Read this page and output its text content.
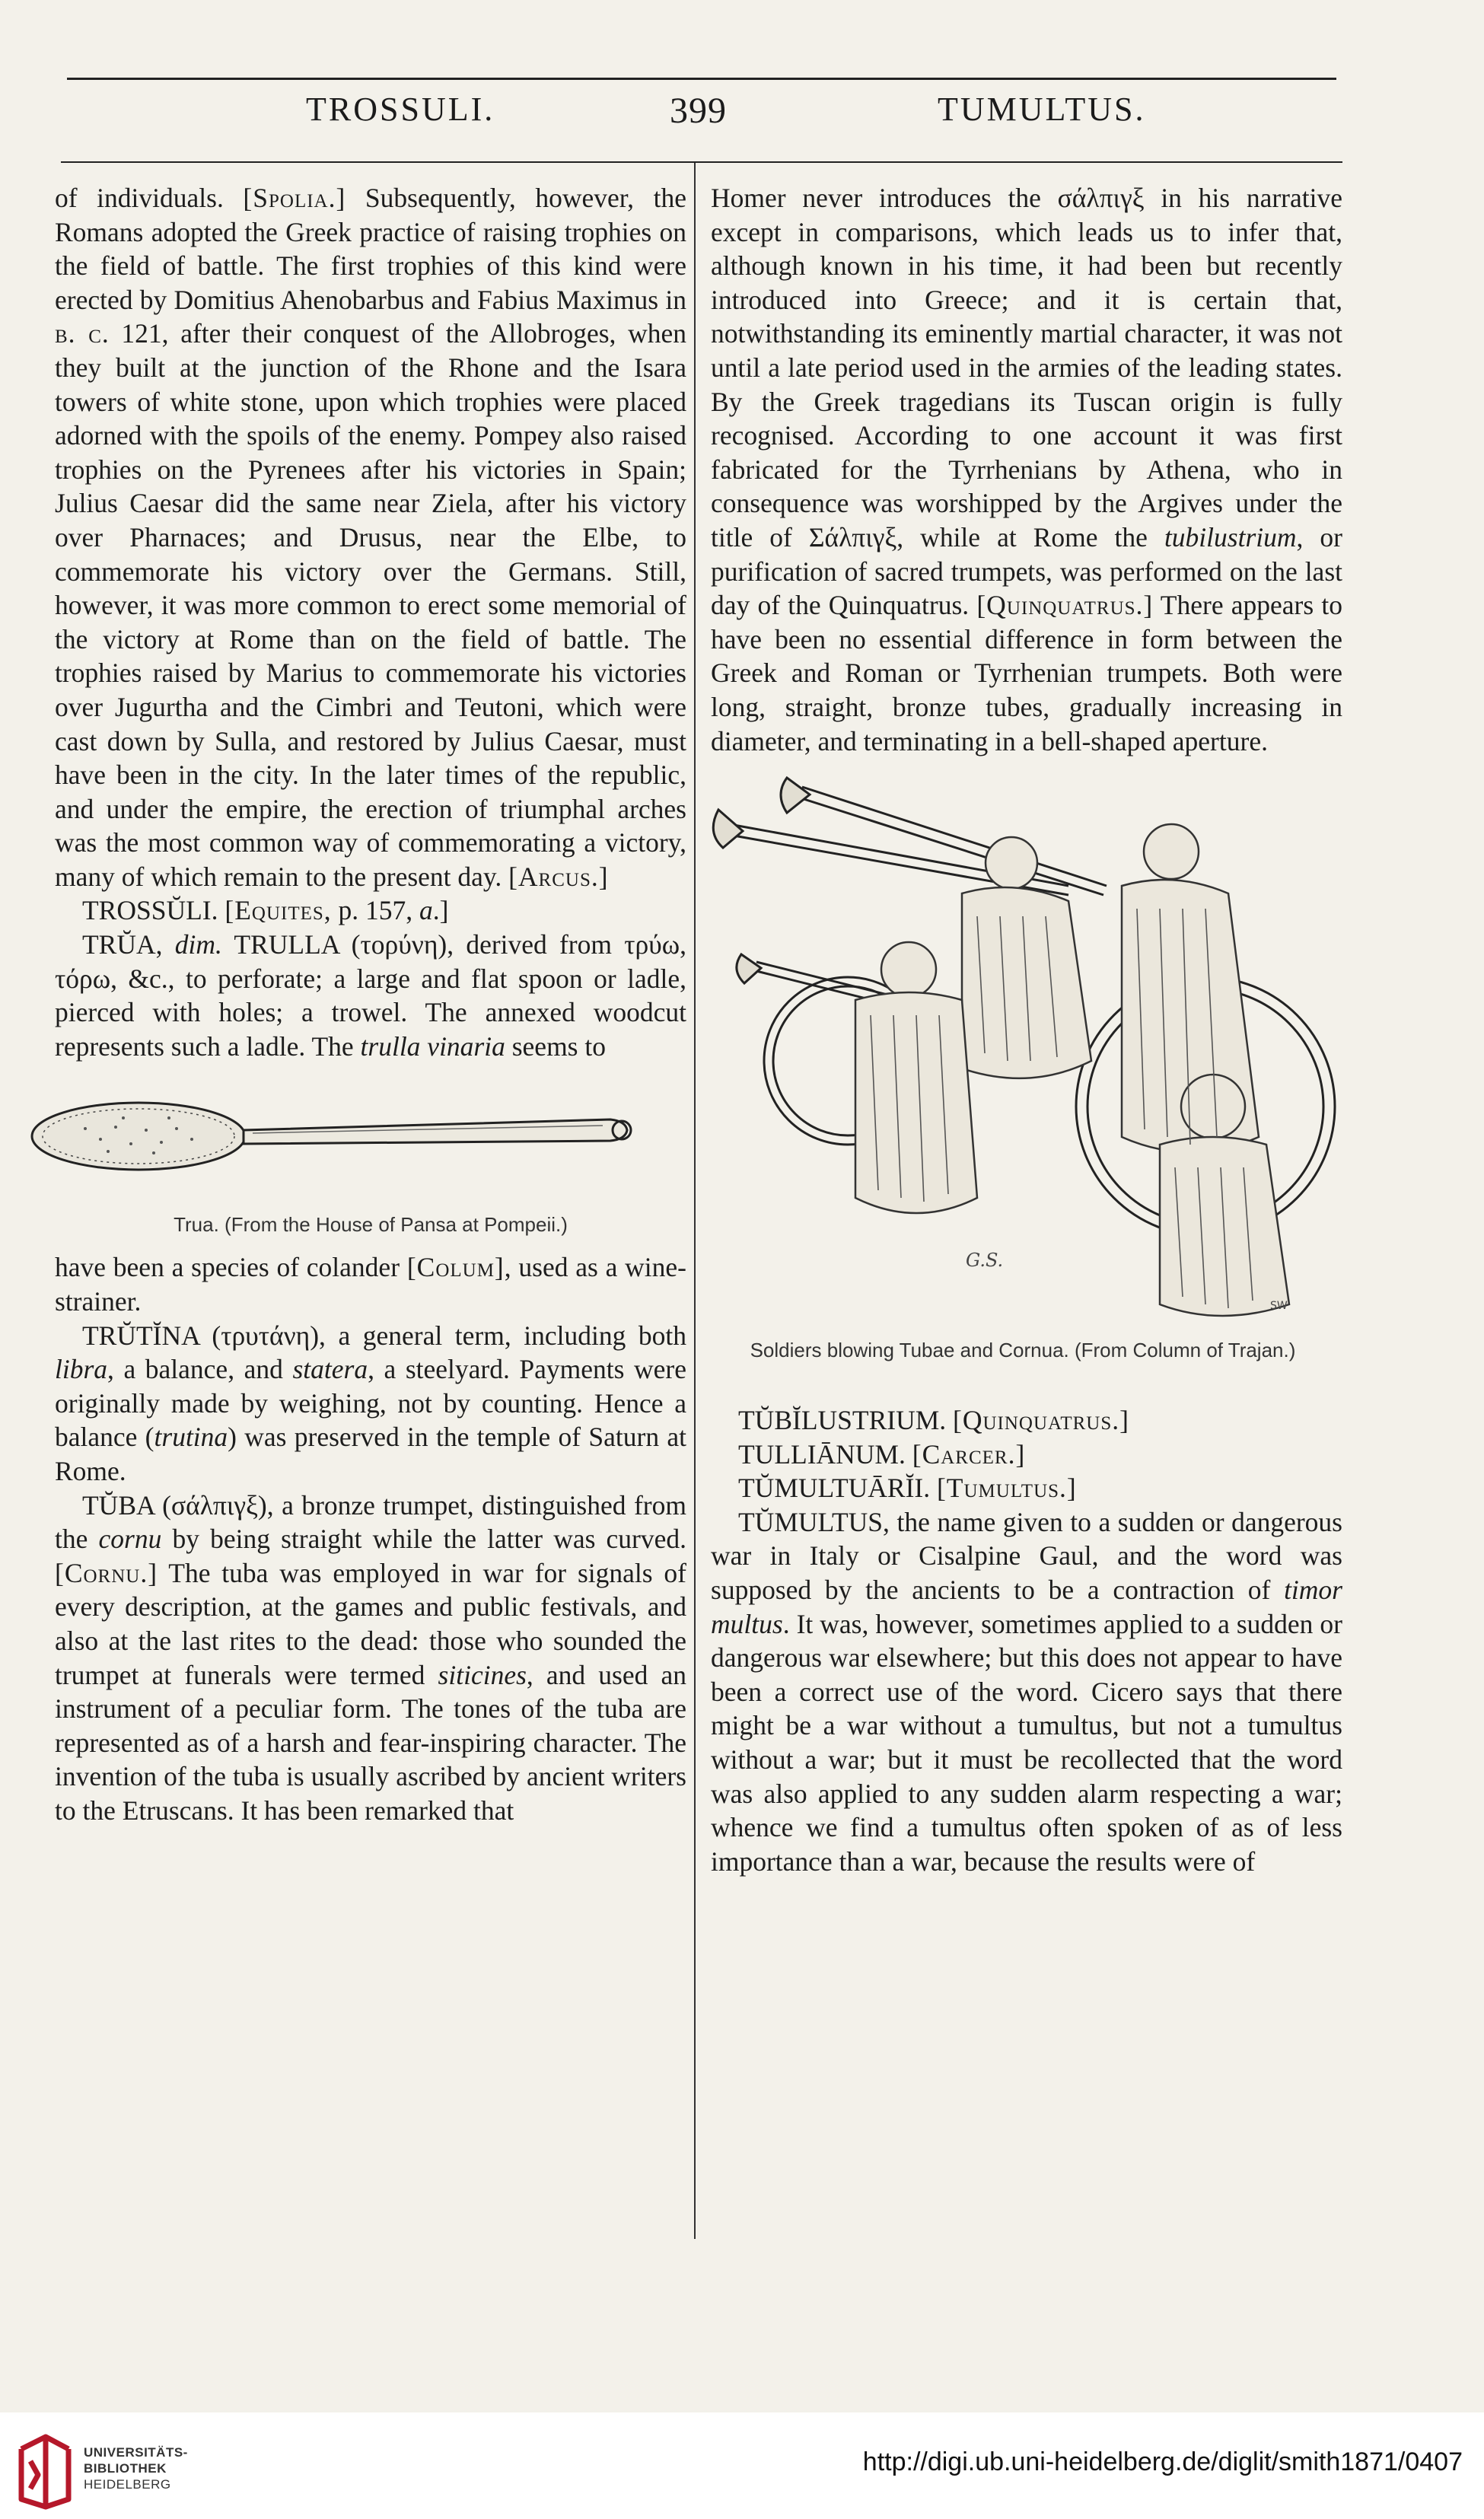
TROSSULI.	399	TUMULTUS.

of individuals. [Spolia.] Subsequently, however, the Romans adopted the Greek practice of raising trophies on the field of battle. The first trophies of this kind were erected by Domitius Ahenobarbus and Fabius Maximus in b. c. 121, after their conquest of the Allobroges, when they built at the junction of the Rhone and the Isara towers of white stone, upon which trophies were placed adorned with the spoils of the enemy. Pompey also raised trophies on the Pyrenees after his victories in Spain; Julius Caesar did the same near Ziela, after his victory over Pharnaces; and Drusus, near the Elbe, to commemorate his victory over the Germans. Still, however, it was more common to erect some memorial of the victory at Rome than on the field of battle. The trophies raised by Marius to commemorate his victories over Jugurtha and the Cimbri and Teutoni, which were cast down by Sulla, and restored by Julius Caesar, must have been in the city. In the later times of the republic, and under the empire, the erection of triumphal arches was the most common way of commemorating a victory, many of which remain to the present day. [Arcus.]

TROSSŬLI. [Equites, p. 157, a.]

TRŬA, dim. TRULLA (τορύνη), derived from τρύω, τόρω, &c., to perforate; a large and flat spoon or ladle, pierced with holes; a trowel. The annexed woodcut represents such a ladle. The trulla vinaria seems to

Trua. (From the House of Pansa at Pompeii.)

have been a species of colander [Colum], used as a wine-strainer.

TRŬTĬNA (τρυτάνη), a general term, including both libra, a balance, and statera, a steelyard. Payments were originally made by weighing, not by counting. Hence a balance (trutina) was preserved in the temple of Saturn at Rome.

TŬBA (σάλπιγξ), a bronze trumpet, distinguished from the cornu by being straight while the latter was curved. [Cornu.] The tuba was employed in war for signals of every description, at the games and public festivals, and also at the last rites to the dead: those who sounded the trumpet at funerals were termed siticines, and used an instrument of a peculiar form. The tones of the tuba are represented as of a harsh and fear-inspiring character. The invention of the tuba is usually ascribed by ancient writers to the Etruscans. It has been remarked that

Homer never introduces the σάλπιγξ in his narrative except in comparisons, which leads us to infer that, although known in his time, it had been but recently introduced into Greece; and it is certain that, notwithstanding its eminently martial character, it was not until a late period used in the armies of the leading states. By the Greek tragedians its Tuscan origin is fully recognised. According to one account it was first fabricated for the Tyrrhenians by Athena, who in consequence was worshipped by the Argives under the title of Σάλπιγξ, while at Rome the tubilustrium, or purification of sacred trumpets, was performed on the last day of the Quinquatrus. [Quinquatrus.] There appears to have been no essential difference in form between the Greek and Roman or Tyrrhenian trumpets. Both were long, straight, bronze tubes, gradually increasing in diameter, and terminating in a bell-shaped aperture.

G.S.
SW
Soldiers blowing Tubae and Cornua. (From Column of Trajan.)

TŬBĬLUSTRIUM. [Quinquatrus.]

TULLIĀNUM. [Carcer.]

TŬMULTUĀRĬI. [Tumultus.]

TŬMULTUS, the name given to a sudden or dangerous war in Italy or Cisalpine Gaul, and the word was supposed by the ancients to be a contraction of timor multus. It was, however, sometimes applied to a sudden or dangerous war elsewhere; but this does not appear to have been a correct use of the word. Cicero says that there might be a war without a tumultus, but not a tumultus without a war; but it must be recollected that the word was also applied to any sudden alarm respecting a war; whence we find a tumultus often spoken of as of less importance than a war, because the results were of

UNIVERSITÄTS-
BIBLIOTHEK
HEIDELBERG
http://digi.ub.uni-heidelberg.de/diglit/smith1871/0407
